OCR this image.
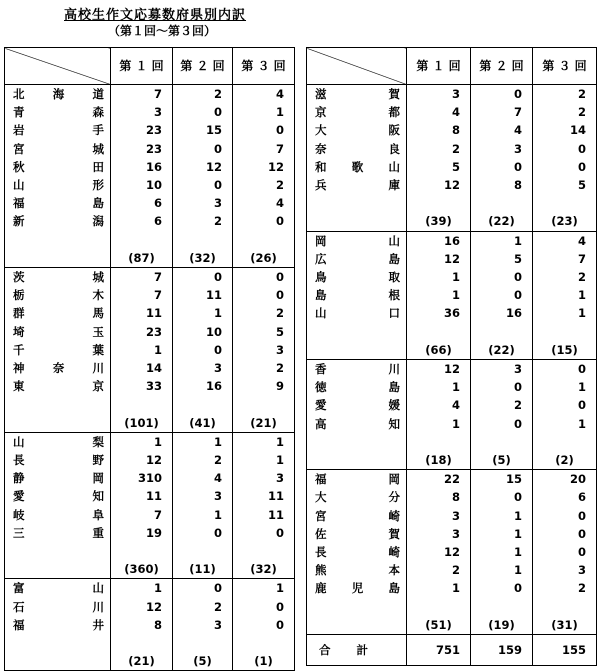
高校生作文応募数府県別内訳
（第１回〜第３回）
	第 １ 回	第 ２ 回	第 ３ 回
北　海　道	7	2	4
青　　　森	3	0	1
岩　　　手	23	15	0
宮　　　城	23	0	7
秋　　　田	16	12	12
山　　　形	10	0	2
福　　　島	6	3	4
新　　　潟	6	2	0

	(87)	(32)	(26)
茨　　　城	7	0	0
栃　　　木	7	11	0
群　　　馬	11	1	2
埼　　　玉	23	10	5
千　　　葉	1	0	3
神　奈　川	14	3	2
東　　　京	33	16	9

	(101)	(41)	(21)
山　　　梨	1	1	1
長　　　野	12	2	1
静　　　岡	310	4	3
愛　　　知	11	3	11
岐　　　阜	7	1	11
三　　　重	19	0	0

	(360)	(11)	(32)
富　　　山	1	0	1
石　　　川	12	2	0
福　　　井	8	3	0

	(21)	(5)	(1)
	第 １ 回	第 ２ 回	第 ３ 回
滋　　　賀	3	0	2
京　　　都	4	7	2
大　　　阪	8	4	14
奈　　　良	2	3	0
和　歌　山	5	0	0
兵　　　庫	12	8	5

	(39)	(22)	(23)
岡　　　山	16	1	4
広　　　島	12	5	7
鳥　　　取	1	0	2
島　　　根	1	0	1
山　　　口	36	16	1

	(66)	(22)	(15)
香　　　川	12	3	0
徳　　　島	1	0	1
愛　　　媛	4	2	0
高　　　知	1	0	1

	(18)	(5)	(2)
福　　　岡	22	15	20
大　　　分	8	0	6
宮　　　崎	3	1	0
佐　　　賀	3	1	0
長　　　崎	12	1	0
熊　　　本	2	1	3
鹿　児　島	1	0	2

	(51)	(19)	(31)
合計	751	159	155
